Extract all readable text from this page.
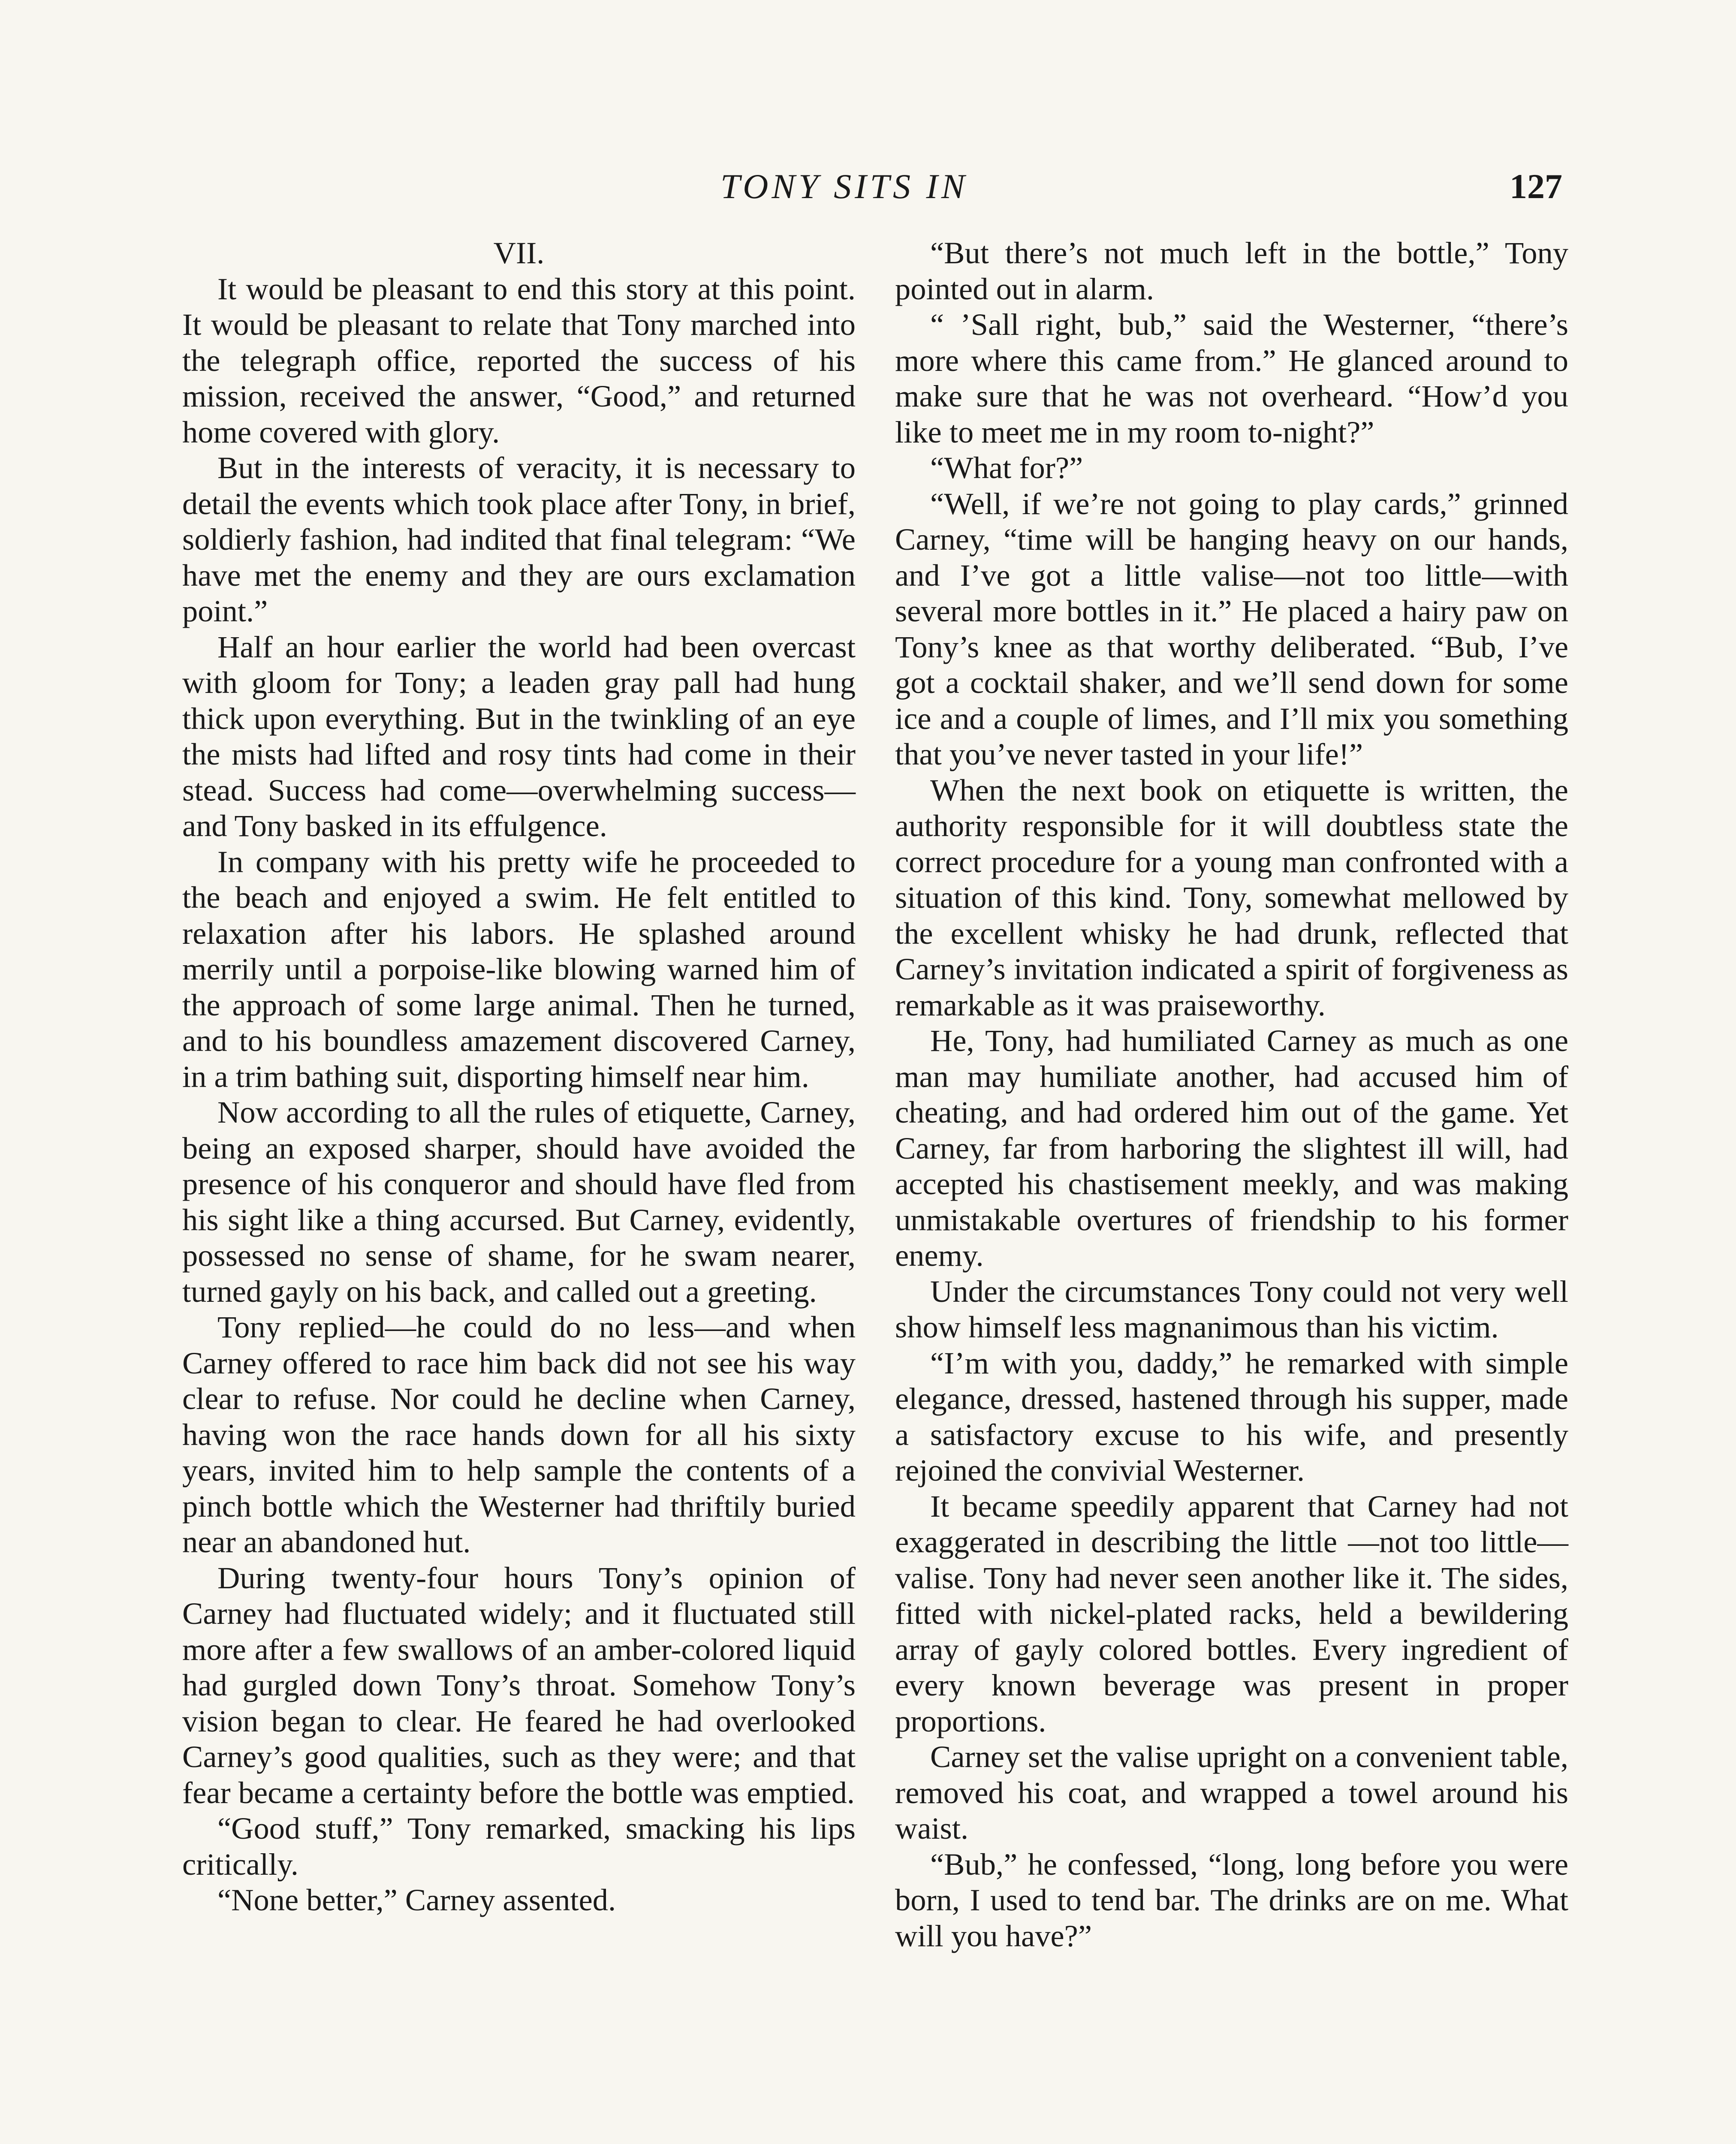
TONY SITS IN	127
VII.

It would be pleasant to end this story at this point. It would be pleasant to relate that Tony marched into the telegraph office, reported the success of his mission, received the answer, “Good,” and returned home covered with glory.

But in the interests of veracity, it is necessary to detail the events which took place after Tony, in brief, soldierly fashion, had indited that final telegram: “We have met the enemy and they are ours exclamation point.”

Half an hour earlier the world had been overcast with gloom for Tony; a leaden gray pall had hung thick upon everything. But in the twinkling of an eye the mists had lifted and rosy tints had come in their stead. Success had come—overwhelming success—and Tony basked in its effulgence.

In company with his pretty wife he proceeded to the beach and enjoyed a swim. He felt entitled to relaxation after his labors. He splashed around merrily until a porpoise-like blowing warned him of the approach of some large animal. Then he turned, and to his boundless amazement discovered Carney, in a trim bathing suit, disporting himself near him.

Now according to all the rules of etiquette, Carney, being an exposed sharper, should have avoided the presence of his conqueror and should have fled from his sight like a thing accursed. But Carney, evidently, possessed no sense of shame, for he swam nearer, turned gayly on his back, and called out a greeting.

Tony replied—he could do no less—and when Carney offered to race him back did not see his way clear to refuse. Nor could he decline when Carney, having won the race hands down for all his sixty years, invited him to help sample the contents of a pinch bottle which the Westerner had thriftily buried near an abandoned hut.

During twenty-four hours Tony’s opinion of Carney had fluctuated widely; and it fluctuated still more after a few swallows of an amber-colored liquid had gurgled down Tony’s throat. Somehow Tony’s vision began to clear. He feared he had overlooked Carney’s good qualities, such as they were; and that fear became a certainty before the bottle was emptied.

“Good stuff,” Tony remarked, smacking his lips critically.

“None better,” Carney assented.

“But there’s not much left in the bottle,” Tony pointed out in alarm.

“ ’Sall right, bub,” said the Westerner, “there’s more where this came from.” He glanced around to make sure that he was not overheard. “How’d you like to meet me in my room to-night?”

“What for?”

“Well, if we’re not going to play cards,” grinned Carney, “time will be hanging heavy on our hands, and I’ve got a little valise—not too little—with several more bottles in it.” He placed a hairy paw on Tony’s knee as that worthy deliberated. “Bub, I’ve got a cocktail shaker, and we’ll send down for some ice and a couple of limes, and I’ll mix you something that you’ve never tasted in your life!”

When the next book on etiquette is written, the authority responsible for it will doubtless state the correct procedure for a young man confronted with a situation of this kind. Tony, somewhat mellowed by the excellent whisky he had drunk, reflected that Carney’s invitation indicated a spirit of forgiveness as remarkable as it was praiseworthy.

He, Tony, had humiliated Carney as much as one man may humiliate another, had accused him of cheating, and had ordered him out of the game. Yet Carney, far from harboring the slightest ill will, had accepted his chastisement meekly, and was making unmistakable overtures of friendship to his former enemy.

Under the circumstances Tony could not very well show himself less magnanimous than his victim.

“I’m with you, daddy,” he remarked with simple elegance, dressed, hastened through his supper, made a satisfactory excuse to his wife, and presently rejoined the convivial Westerner.

It became speedily apparent that Carney had not exaggerated in describing the little —not too little—valise. Tony had never seen another like it. The sides, fitted with nickel-plated racks, held a bewildering array of gayly colored bottles. Every ingredient of every known beverage was present in proper proportions.

Carney set the valise upright on a convenient table, removed his coat, and wrapped a towel around his waist.

“Bub,” he confessed, “long, long before you were born, I used to tend bar. The drinks are on me. What will you have?”
